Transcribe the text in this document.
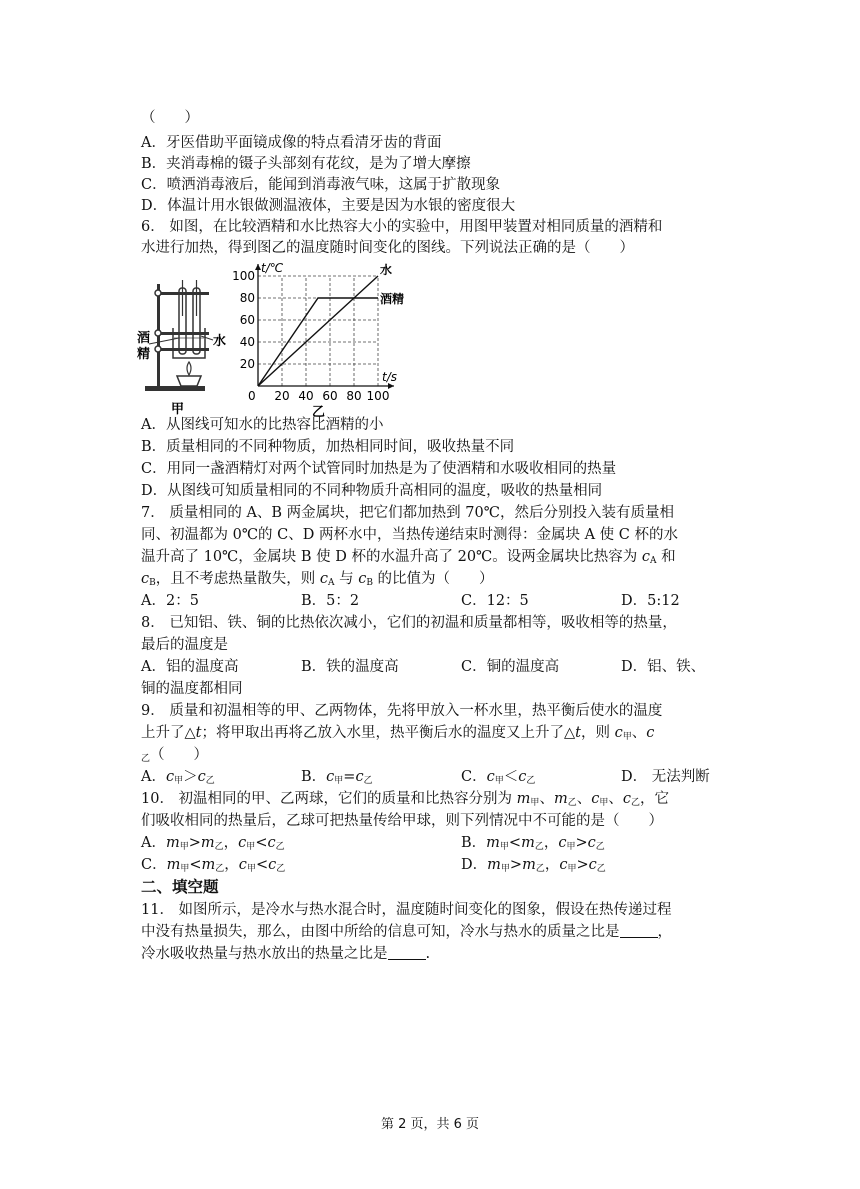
（　　）
A．牙医借助平面镜成像的特点看清牙齿的背面
B．夹消毒棉的镊子头部刻有花纹，是为了增大摩擦
C．喷洒消毒液后，能闻到消毒液气味，这属于扩散现象
D．体温计用水银做测温液体，主要是因为水银的密度很大
6． 如图，在比较酒精和水比热容大小的实验中，用图甲装置对相同质量的酒精和
水进行加热，得到图乙的温度随时间变化的图线。下列说法正确的是（　　）
酒
精
水
甲
20 40 60 80 100
20
40
60
80
100	水
酒精
t/℃
t/s
0
乙
A．从图线可知水的比热容比酒精的小
B．质量相同的不同种物质，加热相同时间，吸收热量不同
C．用同一盏酒精灯对两个试管同时加热是为了使酒精和水吸收相同的热量
D．从图线可知质量相同的不同种物质升高相同的温度，吸收的热量相同
7． 质量相同的 A、B 两金属块，把它们都加热到 70℃，然后分别投入装有质量相
同、初温都为 0℃的 C、D 两杯水中，当热传递结束时测得：金属块 A 使 C 杯的水
温升高了 10℃，金属块 B 使 D 杯的水温升高了 20℃。设两金属块比热容为 $c_A$ 和
$c_B$，且不考虑热量散失，则 $c_A$ 与 $c_B$ 的比值为（　　）
A．2：5	B．5：2	C．12：5	D．5:12
8． 已知铝、铁、铜的比热依次减小，它们的初温和质量都相等，吸收相等的热量，
最后的温度是
A．铝的温度高	B．铁的温度高	C．铜的温度高	D．铝、铁、
铜的温度都相同
9． 质量和初温相等的甲、乙两物体，先将甲放入一杯水里，热平衡后使水的温度
上升了△t；将甲取出再将乙放入水里，热平衡后水的温度又上升了△t，则 $c_甲$、c
$_乙$（　　）
A．$c_甲>c_乙$	B．$c_甲=c_乙$	C．$c_甲<c_乙$	D． 无法判断
10． 初温相同的甲、乙两球，它们的质量和比热容分别为 $m_甲$、$m_乙$、$c_甲$、$c_乙$，它
们吸收相同的热量后，乙球可把热量传给甲球，则下列情况中不可能的是（　　）
A．$m_甲>m_乙$，$c_甲<c_乙$	B．$m_甲<m_乙$，$c_甲>c_乙$
C．$m_甲<m_乙$，$c_甲<c_乙$	D．$m_甲>m_乙$，$c_甲>c_乙$
二、填空题
11． 如图所示，是冷水与热水混合时，温度随时间变化的图象，假设在热传递过程
中没有热量损失，那么，由图中所给的信息可知，冷水与热水的质量之比是	，
冷水吸收热量与热水放出的热量之比是	.
第 2 页，共 6 页
